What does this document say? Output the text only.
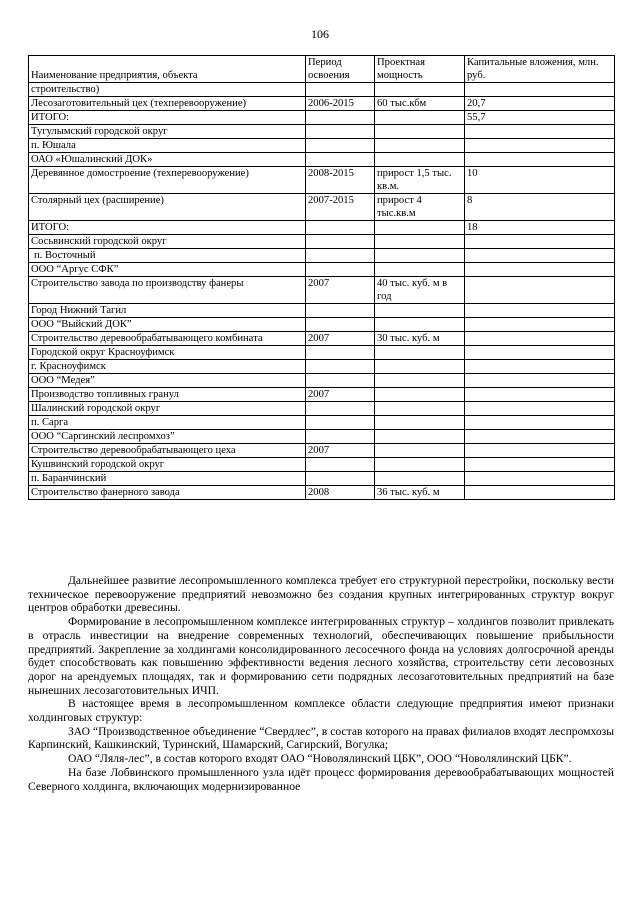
106
Наименование предприятия, объекта	Период освоения	Проектная мощность	Капитальные вложения, млн. руб.
строительство)			
Лесозаготовительный цех (техперевооружение)	2006-2015	60 тыс.кбм	20,7
ИТОГО:			55,7
Тугулымский городской округ			
п. Юшала			
ОАО «Юшалинский ДОК»			
Деревянное домостроение (техперевооружение)	2008-2015	прирост 1,5 тыс. кв.м.	10
Столярный цех (расширение)	2007-2015	прирост 4 тыс.кв.м	8
ИТОГО:			18
Сосьвинский городской округ			
п. Восточный			
ООО “Аргус СФК”			
Строительство завода по производству фанеры	2007	40 тыс. куб. м в год	
Город Нижний Тагил			
ООО “Выйский ДОК”			
Строительство деревообрабатывающего комбината	2007	30 тыс. куб. м	
Городской округ Красноуфимск			
г. Красноуфимск			
ООО “Медея”			
Производство топливных гранул	2007		
Шалинский городской округ			
п. Сарга			
ООО “Саргинский леспромхоз”			
Строительство деревообрабатывающего цеха	2007		
Кушвинский городской округ			
п. Баранчинский			
Строительство фанерного завода	2008	36 тыс. куб. м	

Дальнейшее развитие лесопромышленного комплекса требует его структурной перестройки, поскольку вести техническое перевооружение предприятий невозможно без создания крупных интегрированных структур вокруг центров обработки древесины.

Формирование в лесопромышленном комплексе интегрированных структур – холдингов позволит привлекать в отрасль инвестиции на внедрение современных технологий, обеспечивающих повышение прибыльности предприятий. Закрепление за холдингами консолидированного лесосечного фонда на условиях долгосрочной аренды будет способствовать как повышению эффективности ведения лесного хозяйства, строительству сети лесовозных дорог на арендуемых площадях, так и формированию сети подрядных лесозаготовительных предприятий на базе нынешних лесозаготовительных ИЧП.

В настоящее время в лесопромышленном комплексе области следующие предприятия имеют признаки холдинговых структур:

ЗАО “Производственное объединение “Свердлес”, в состав которого на правах филиалов входят леспромхозы Карпинский, Кашкинский, Туринский, Шамарский, Сагирский, Вогулка;

ОАО “Ляля-лес”, в состав которого входят ОАО “Новолялинский ЦБК”, ООО “Новолялинский ЦБК”.

На базе Лобвинского промышленного узла идёт процесс формирования деревообрабатывающих мощностей Северного холдинга, включающих модернизированное
